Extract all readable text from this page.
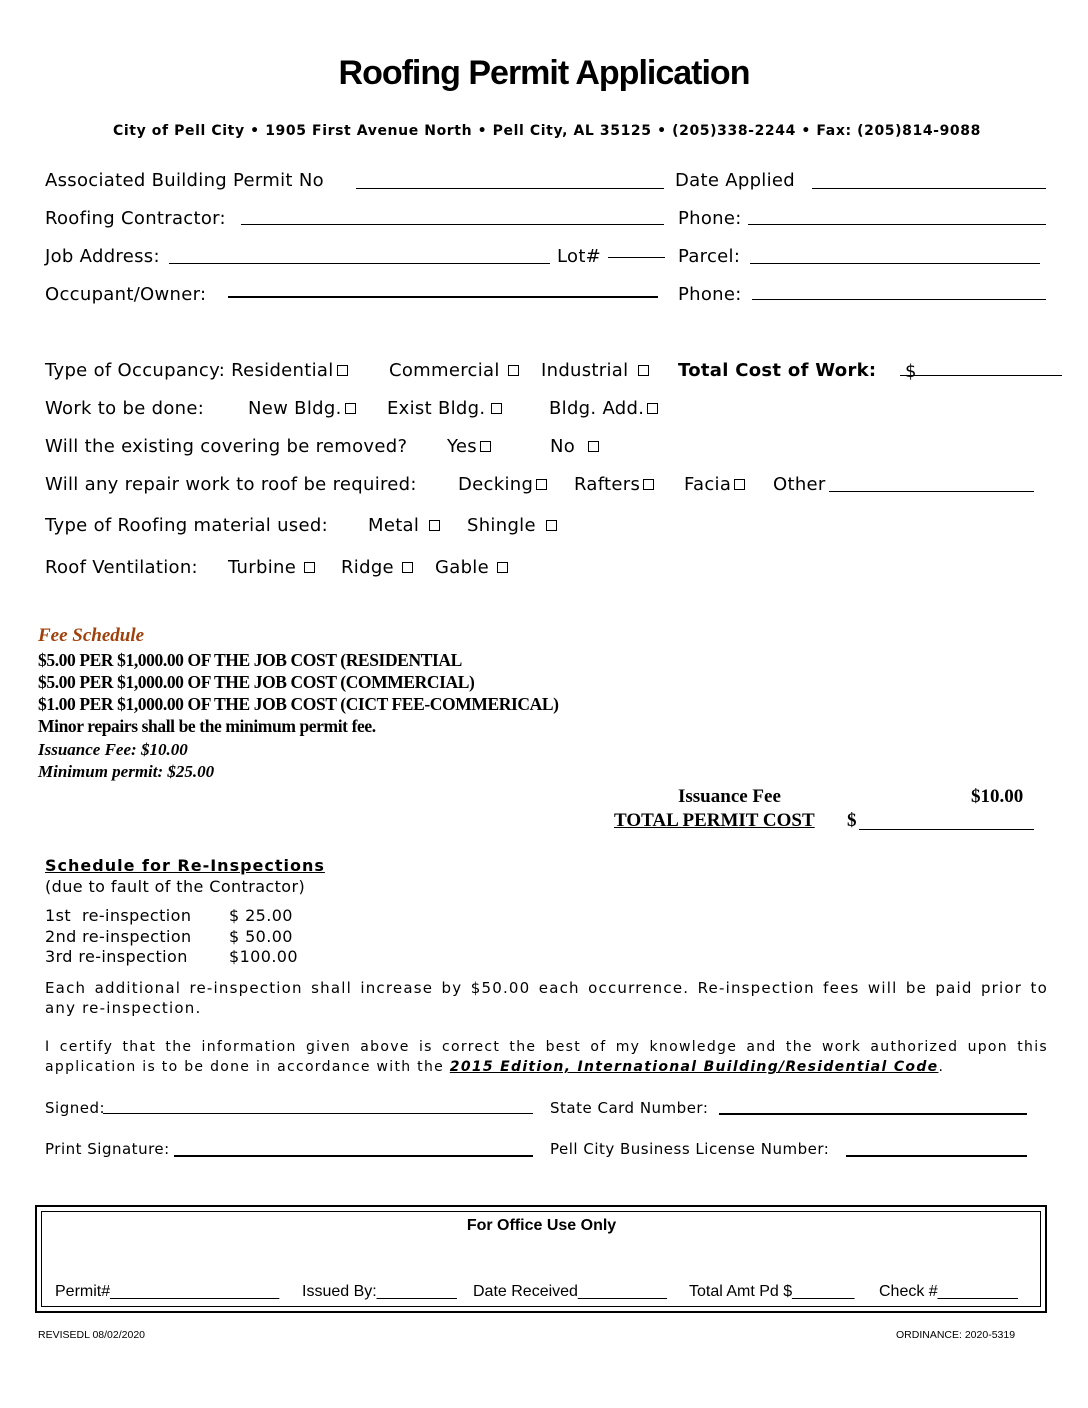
Roofing Permit Application
City of Pell City • 1905 First Avenue North • Pell City, AL 35125 • (205)338-2244 • Fax: (205)814-9088
Associated Building Permit No	Date Applied
Roofing Contractor:	Phone:
Job Address:	Lot#	Parcel:
Occupant/Owner:	Phone:
Type of Occupancy: Residential	Commercial	Industrial	Total Cost of Work: $
Work to be done: New Bldg.	Exist Bldg.	Bldg. Add.
Will the existing covering be removed? Yes	No
Will any repair work to roof be required: Decking	Rafters	Facia	Other
Type of Roofing material used: Metal	Shingle
Roof Ventilation: Turbine	Ridge	Gable
Fee Schedule
$5.00 PER $1,000.00 OF THE JOB COST (RESIDENTIAL
$5.00 PER $1,000.00 OF THE JOB COST (COMMERCIAL)
$1.00 PER $1,000.00 OF THE JOB COST (CICT FEE-COMMERICAL)
Minor repairs shall be the minimum permit fee.
Issuance Fee: $10.00
Minimum permit: $25.00
Issuance Fee	$10.00
TOTAL PERMIT COST $
Schedule for Re-Inspections
(due to fault of the Contractor)
1st  re-inspection $ 25.00
2nd re-inspection $ 50.00
3rd re-inspection	$100.00
Each additional re-inspection shall increase by $50.00 each occurrence. Re-inspection fees will be paid prior to any re-inspection.
I certify that the information given above is correct the best of my knowledge and the work authorized upon this application is to be done in accordance with the 2015 Edition, International Building/Residential Code.
Signed:	State Card Number:
Print Signature:	Pell City Business License Number:
For Office Use Only
Permit#___________________ Issued By:_________ Date Received__________ Total Amt Pd $_______ Check #_________
REVISEDL 08/02/2020	ORDINANCE: 2020-5319
